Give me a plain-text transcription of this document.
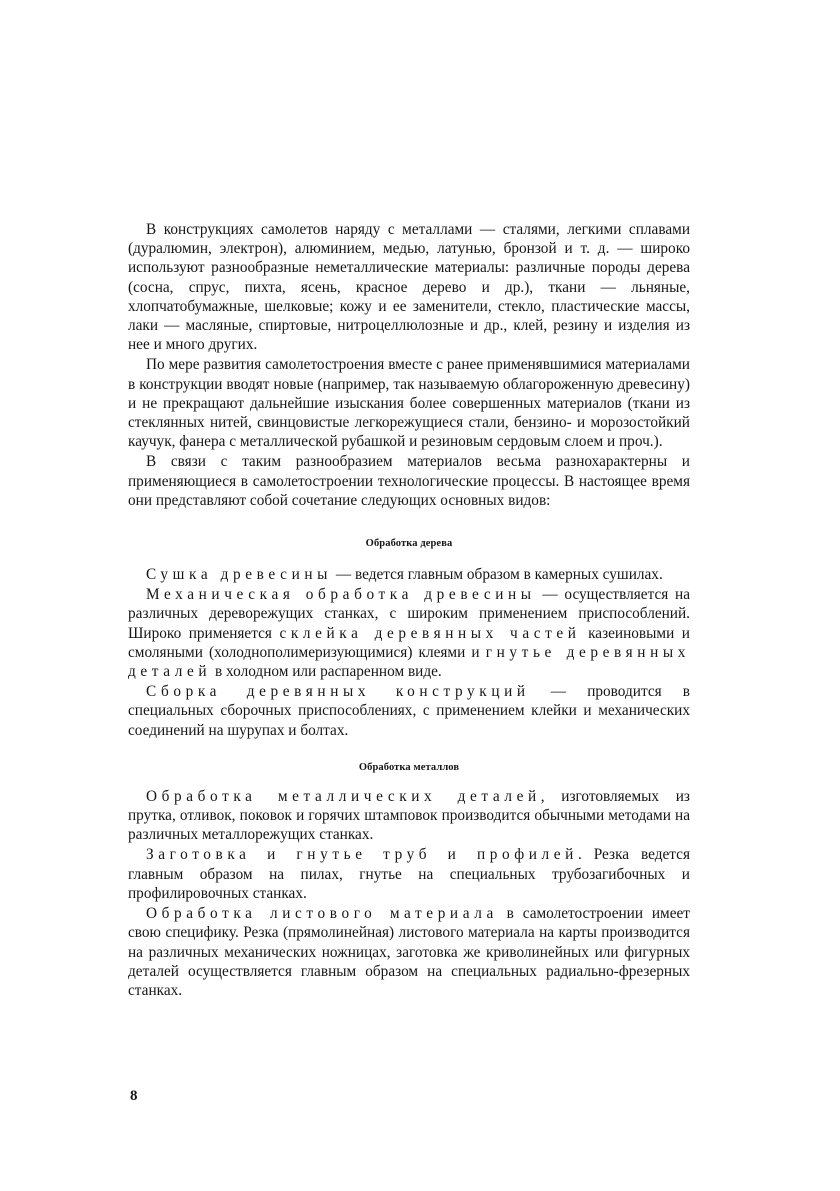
В конструкциях самолетов наряду с металлами — сталями, легкими сплавами (дуралюмин, электрон), алюминием, медью, латунью, бронзой и т. д. — широко используют разнообразные неметаллические материалы: различные породы дерева (сосна, спрус, пихта, ясень, красное дерево и др.), ткани — льняные, хлопчатобумажные, шелковые; кожу и ее заменители, стекло, пластические массы, лаки — масляные, спиртовые, нитроцеллюлозные и др., клей, резину и изделия из нее и много других.

По мере развития самолетостроения вместе с ранее применявшимися материалами в конструкции вводят новые (например, так называемую облагороженную древесину) и не прекращают дальнейшие изыскания более совершенных материалов (ткани из стеклянных нитей, свинцовистые легкорежущиеся стали, бензино- и морозостойкий каучук, фанера с металлической рубашкой и резиновым сердовым слоем и проч.).

В связи с таким разнообразием материалов весьма разнохарактерны и применяющиеся в самолетостроении технологические процессы. В настоящее время они представляют собой сочетание следующих основных видов:

Обработка дерева

Сушка древесины — ведется главным образом в камерных сушилах.

Механическая обработка древесины — осуществляется на различных дереворежущих станках, с широким применением приспособлений. Широко применяется склейка деревянных частей казеиновыми и смоляными (холоднополимеризующимися) клеями и гнутье деревянных деталей в холодном или распаренном виде.

Сборка деревянных конструкций — проводится в специальных сборочных приспособлениях, с применением клейки и механических соединений на шурупах и болтах.

Обработка металлов

Обработка металлических деталей, изготовляемых из прутка, отливок, поковок и горячих штамповок производится обычными методами на различных металлорежущих станках.

Заготовка и гнутье труб и профилей. Резка ведется главным образом на пилах, гнутье на специальных трубозагибочных и профилировочных станках.

Обработка листового материала в самолетостроении имеет свою специфику. Резка (прямолинейная) листового материала на карты производится на различных механических ножницах, заготовка же криволинейных или фигурных деталей осуществляется главным образом на специальных радиально-фрезерных станках.

8
